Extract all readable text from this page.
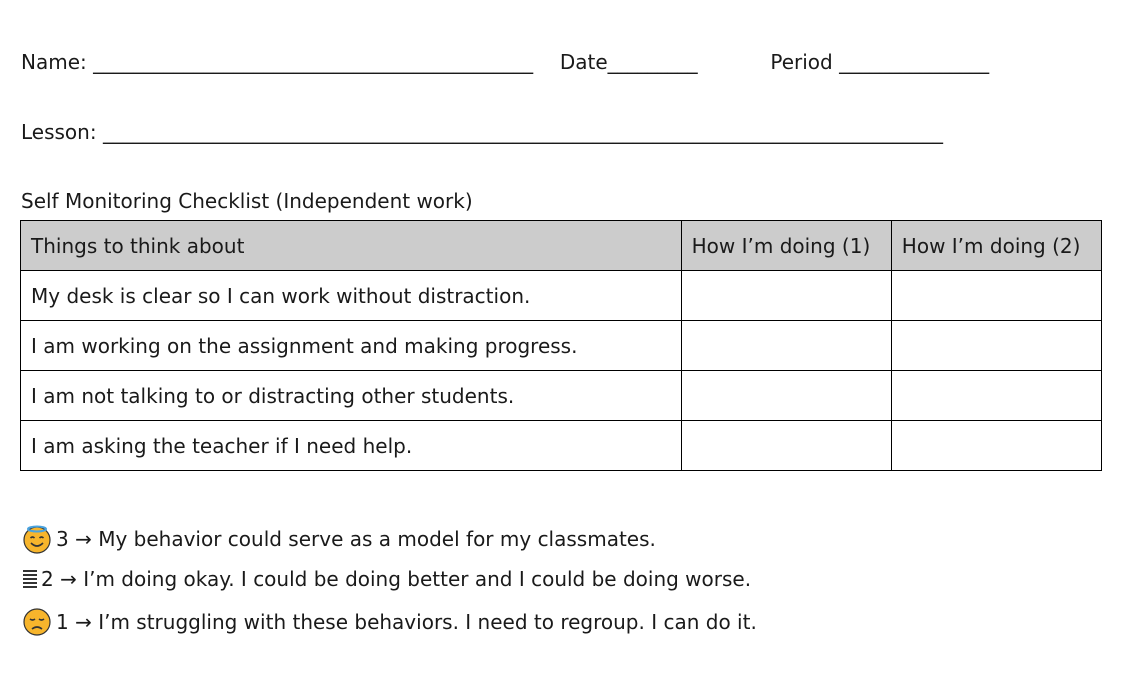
Name: ____________________________________________ Date_________	Period _______________
Lesson: ____________________________________________________________________________________
Self Monitoring Checklist (Independent work)
Things to think about	How I’m doing (1)	How I’m doing (2)
My desk is clear so I can work without distraction.		
I am working on the assignment and making progress.		
I am not talking to or distracting other students.		
I am asking the teacher if I need help.		
3 → My behavior could serve as a model for my classmates.
2 → I’m doing okay. I could be doing better and I could be doing worse.
1 → I’m struggling with these behaviors. I need to regroup. I can do it.
